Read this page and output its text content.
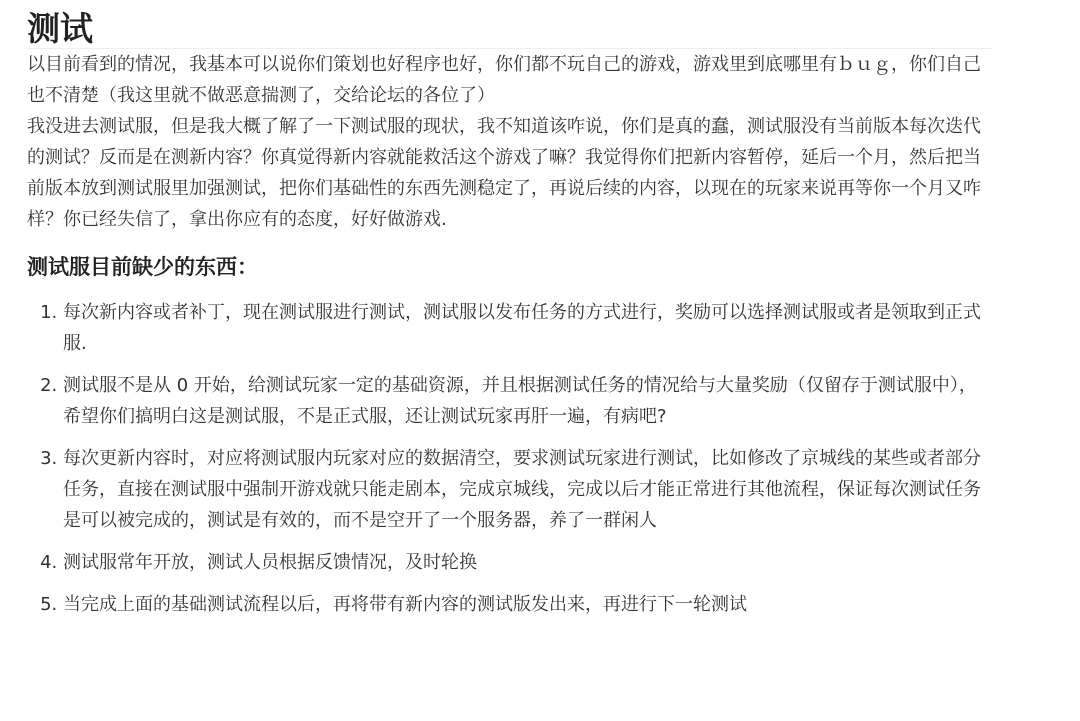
测试

以目前看到的情况，我基本可以说你们策划也好程序也好，你们都不玩自己的游戏，游戏里到底哪里有ｂｕｇ，你们自己也不清楚（我这里就不做恶意揣测了，交给论坛的各位了）

我没进去测试服，但是我大概了解了一下测试服的现状，我不知道该咋说，你们是真的蠢，测试服没有当前版本每次迭代的测试？反而是在测新内容？你真觉得新内容就能救活这个游戏了嘛？我觉得你们把新内容暂停，延后一个月，然后把当前版本放到测试服里加强测试，把你们基础性的东西先测稳定了，再说后续的内容，以现在的玩家来说再等你一个月又咋样？你已经失信了，拿出你应有的态度，好好做游戏.

测试服目前缺少的东西：
1. 每次新内容或者补丁，现在测试服进行测试，测试服以发布任务的方式进行，奖励可以选择测试服或者是领取到正式服.
2. 测试服不是从 0 开始，给测试玩家一定的基础资源，并且根据测试任务的情况给与大量奖励（仅留存于测试服中），希望你们搞明白这是测试服，不是正式服，还让测试玩家再肝一遍，有病吧?
3. 每次更新内容时，对应将测试服内玩家对应的数据清空，要求测试玩家进行测试，比如修改了京城线的某些或者部分任务，直接在测试服中强制开游戏就只能走剧本，完成京城线，完成以后才能正常进行其他流程，保证每次测试任务是可以被完成的，测试是有效的，而不是空开了一个服务器，养了一群闲人
4. 测试服常年开放，测试人员根据反馈情况，及时轮换
5. 当完成上面的基础测试流程以后，再将带有新内容的测试版发出来，再进行下一轮测试
